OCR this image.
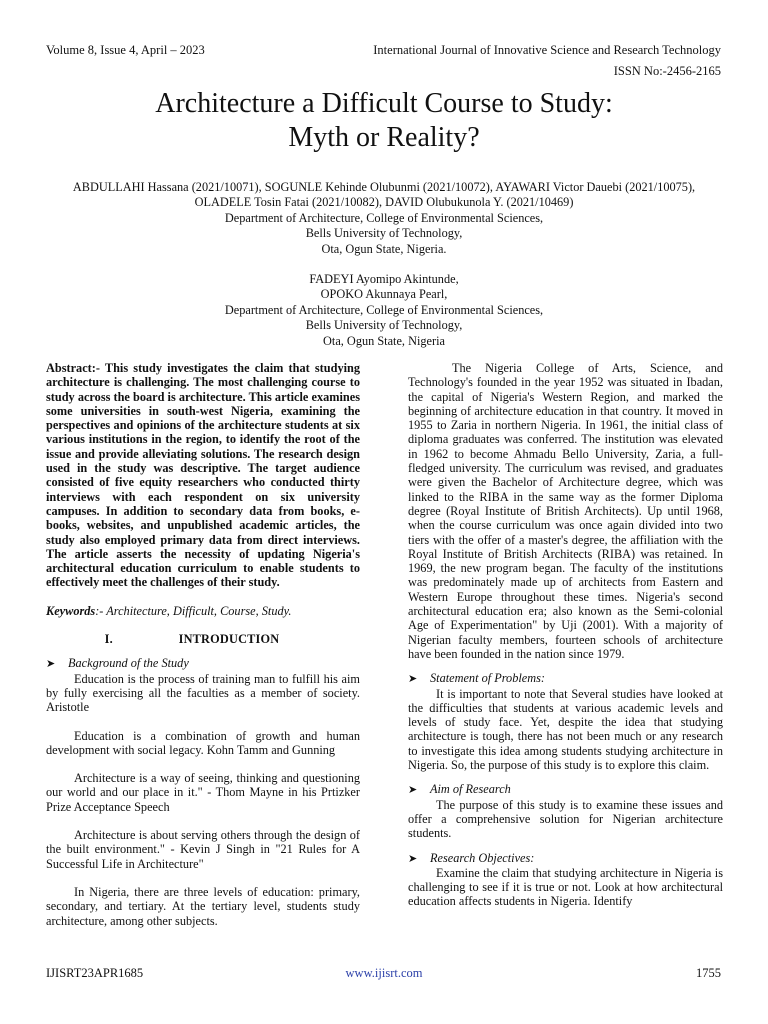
Volume 8, Issue 4, April – 2023	International Journal of Innovative Science and Research Technology
ISSN No:-2456-2165
Architecture a Difficult Course to Study:
Myth or Reality?
ABDULLAHI Hassana (2021/10071), SOGUNLE Kehinde Olubunmi (2021/10072), AYAWARI Victor Dauebi (2021/10075),
OLADELE Tosin Fatai (2021/10082), DAVID Olubukunola Y. (2021/10469)
Department of Architecture, College of Environmental Sciences,
Bells University of Technology,
Ota, Ogun State, Nigeria.
FADEYI Ayomipo Akintunde,
OPOKO Akunnaya Pearl,
Department of Architecture, College of Environmental Sciences,
Bells University of Technology,
Ota, Ogun State, Nigeria

Abstract:- This study investigates the claim that studying architecture is challenging. The most challenging course to study across the board is architecture. This article examines some universities in south-west Nigeria, examining the perspectives and opinions of the architecture students at six various institutions in the region, to identify the root of the issue and provide alleviating solutions. The research design used in the study was descriptive. The target audience consisted of five equity researchers who conducted thirty interviews with each respondent on six university campuses. In addition to secondary data from books, e-books, websites, and unpublished academic articles, the study also employed primary data from direct interviews. The article asserts the necessity of updating Nigeria's architectural education curriculum to enable students to effectively meet the challenges of their study.

Keywords:- Architecture, Difficult, Course, Study.

I.	INTRODUCTION

➤ Background of the Study

Education is the process of training man to fulfill his aim by fully exercising all the faculties as a member of society. Aristotle

Education is a combination of growth and human development with social legacy. Kohn Tamm and Gunning

Architecture is a way of seeing, thinking and questioning our world and our place in it." - Thom Mayne in his Prtizker Prize Acceptance Speech

Architecture is about serving others through the design of the built environment." - Kevin J Singh in "21 Rules for A Successful Life in Architecture"

In Nigeria, there are three levels of education: primary, secondary, and tertiary. At the tertiary level, students study architecture, among other subjects.

The Nigeria College of Arts, Science, and Technology's founded in the year 1952 was situated in Ibadan, the capital of Nigeria's Western Region, and marked the beginning of architecture education in that country. It moved in 1955 to Zaria in northern Nigeria. In 1961, the initial class of diploma graduates was conferred. The institution was elevated in 1962 to become Ahmadu Bello University, Zaria, a full-fledged university. The curriculum was revised, and graduates were given the Bachelor of Architecture degree, which was linked to the RIBA in the same way as the former Diploma degree (Royal Institute of British Architects). Up until 1968, when the course curriculum was once again divided into two tiers with the offer of a master's degree, the affiliation with the Royal Institute of British Architects (RIBA) was retained. In 1969, the new program began. The faculty of the institutions was predominately made up of architects from Eastern and Western Europe throughout these times. Nigeria's second architectural education era; also known as the Semi-colonial Age of Experimentation" by Uji (2001). With a majority of Nigerian faculty members, fourteen schools of architecture have been founded in the nation since 1979.

➤ Statement of Problems:

It is important to note that Several studies have looked at the difficulties that students at various academic levels and levels of study face. Yet, despite the idea that studying architecture is tough, there has not been much or any research to investigate this idea among students studying architecture in Nigeria. So, the purpose of this study is to explore this claim.

➤ Aim of Research

The purpose of this study is to examine these issues and offer a comprehensive solution for Nigerian architecture students.

➤ Research Objectives:

Examine the claim that studying architecture in Nigeria is challenging to see if it is true or not. Look at how architectural education affects students in Nigeria. Identify

IJISRT23APR1685	www.ijisrt.com	1755
